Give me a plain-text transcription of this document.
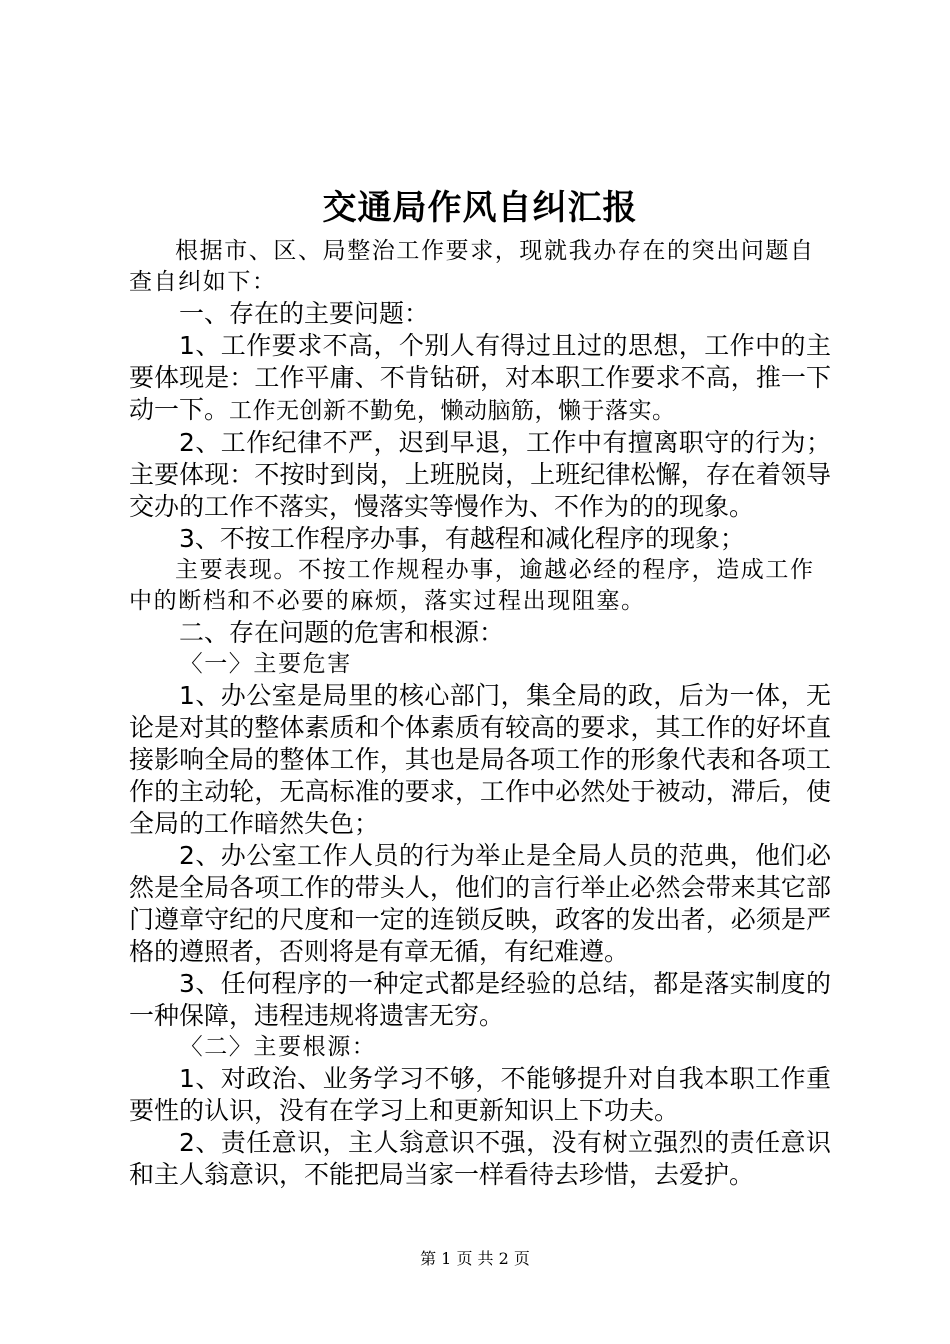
交通局作风自纠汇报

根据市、区、局整治工作要求，现就我办存在的突出问题自查自纠如下：

一、存在的主要问题：

1、工作要求不高，个别人有得过且过的思想，工作中的主要体现是：工作平庸、不肯钻研，对本职工作要求不高，推一下动一下。工作无创新不勤免，懒动脑筋，懒于落实。

2、工作纪律不严，迟到早退，工作中有擅离职守的行为；主要体现：不按时到岗，上班脱岗，上班纪律松懈，存在着领导交办的工作不落实，慢落实等慢作为、不作为的的现象。

3、不按工作程序办事，有越程和减化程序的现象；

主要表现。不按工作规程办事，逾越必经的程序，造成工作中的断档和不必要的麻烦，落实过程出现阻塞。

二、存在问题的危害和根源：

〈一〉主要危害

1、办公室是局里的核心部门，集全局的政，后为一体，无论是对其的整体素质和个体素质有较高的要求，其工作的好坏直接影响全局的整体工作，其也是局各项工作的形象代表和各项工作的主动轮，无高标准的要求，工作中必然处于被动，滞后，使全局的工作暗然失色；

2、办公室工作人员的行为举止是全局人员的范典，他们必然是全局各项工作的带头人，他们的言行举止必然会带来其它部门遵章守纪的尺度和一定的连锁反映，政客的发出者，必须是严格的遵照者，否则将是有章无循，有纪难遵。

3、任何程序的一种定式都是经验的总结，都是落实制度的一种保障，违程违规将遗害无穷。

〈二〉主要根源：

1、对政治、业务学习不够，不能够提升对自我本职工作重要性的认识，没有在学习上和更新知识上下功夫。

2、责任意识，主人翁意识不强，没有树立强烈的责任意识和主人翁意识，不能把局当家一样看待去珍惜，去爱护。

第 1 页 共 2 页
